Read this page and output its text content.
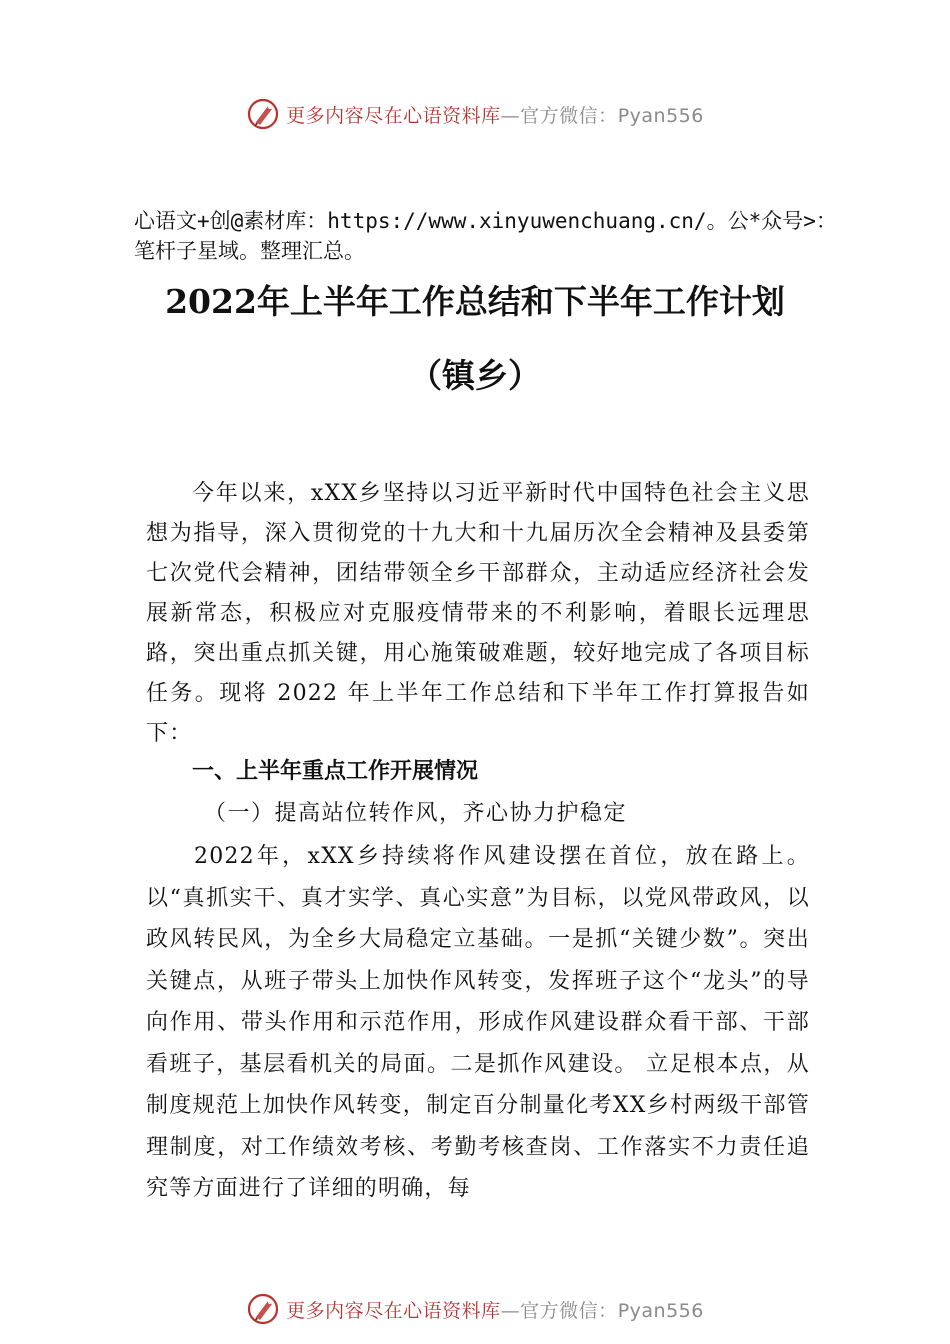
更多内容尽在心语资料库—官方微信：Pyan556
心语文+创@素材库：https://www.xinyuwenchuang.cn/。公*众号>：笔杆子星域。整理汇总。
2022年上半年工作总结和下半年工作计划
（镇乡）
今年以来，xXX乡坚持以习近平新时代中国特色社会主义思想为指导，深入贯彻党的十九大和十九届历次全会精神及县委第七次党代会精神，团结带领全乡干部群众，主动适应经济社会发展新常态，积极应对克服疫情带来的不利影响，着眼长远理思路，突出重点抓关键，用心施策破难题，较好地完成了各项目标任务。现将 2022 年上半年工作总结和下半年工作打算报告如下：
一、上半年重点工作开展情况
（一）提高站位转作风，齐心协力护稳定
2022年，xXX乡持续将作风建设摆在首位，放在路上。以“真抓实干、真才实学、真心实意”为目标，以党风带政风，以政风转民风，为全乡大局稳定立基础。一是抓“关键少数”。突出关键点，从班子带头上加快作风转变，发挥班子这个“龙头”的导向作用、带头作用和示范作用，形成作风建设群众看干部、干部看班子，基层看机关的局面。二是抓作风建设。 立足根本点，从制度规范上加快作风转变，制定百分制量化考XX乡村两级干部管理制度，对工作绩效考核、考勤考核查岗、工作落实不力责任追究等方面进行了详细的明确，每
更多内容尽在心语资料库—官方微信：Pyan556
